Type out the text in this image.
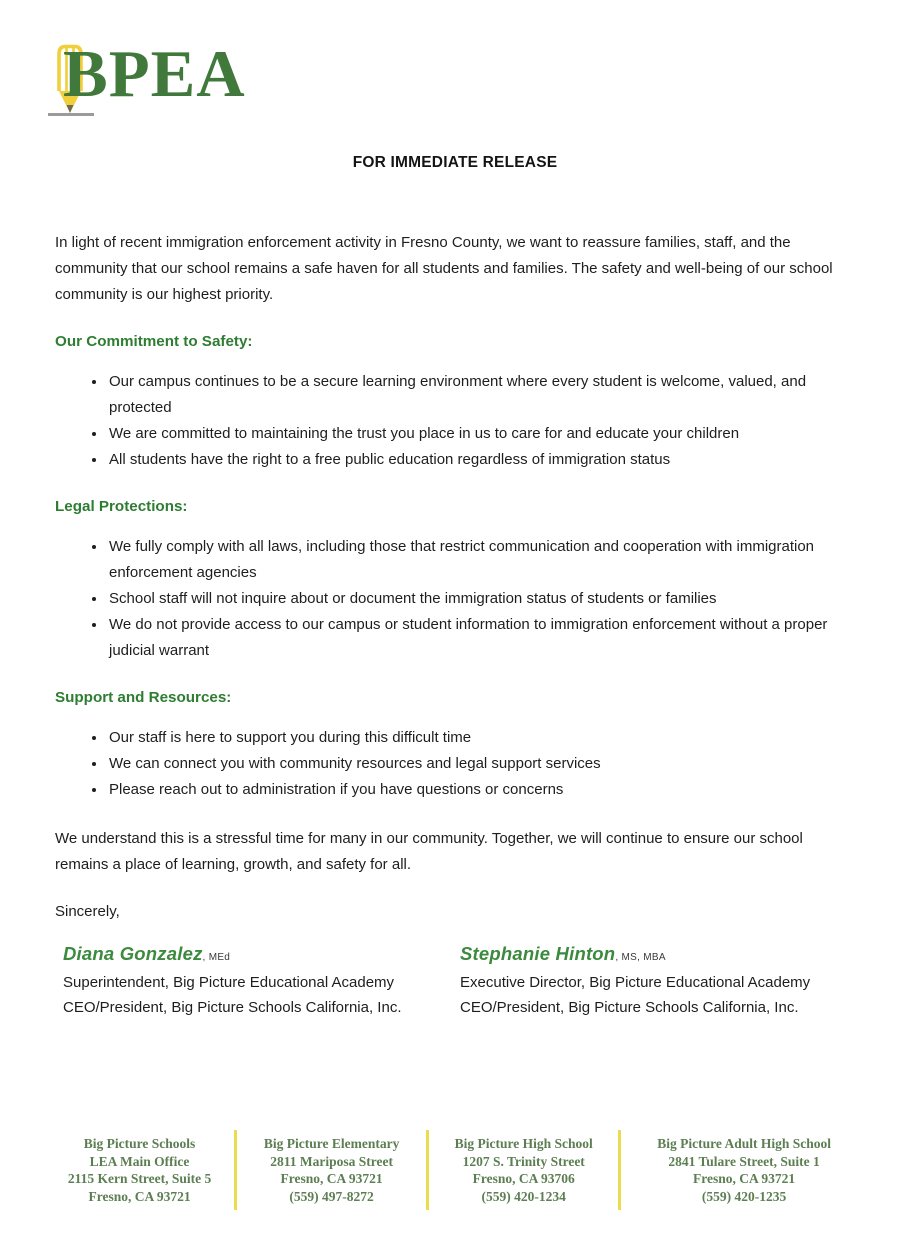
BPEA
FOR IMMEDIATE RELEASE

In light of recent immigration enforcement activity in Fresno County, we want to reassure families, staff, and the community that our school remains a safe haven for all students and families. The safety and well-being of our school community is our highest priority.

Our Commitment to Safety:
• Our campus continues to be a secure learning environment where every student is welcome, valued, and protected
• We are committed to maintaining the trust you place in us to care for and educate your children
• All students have the right to a free public education regardless of immigration status
Legal Protections:
• We fully comply with all laws, including those that restrict communication and cooperation with immigration enforcement agencies
• School staff will not inquire about or document the immigration status of students or families
• We do not provide access to our campus or student information to immigration enforcement without a proper judicial warrant
Support and Resources:
• Our staff is here to support you during this difficult time
• We can connect you with community resources and legal support services
• Please reach out to administration if you have questions or concerns

We understand this is a stressful time for many in our community. Together, we will continue to ensure our school remains a place of learning, growth, and safety for all.

Sincerely,

Diana Gonzalez, MEd
Superintendent, Big Picture Educational Academy
CEO/President, Big Picture Schools California, Inc.
Stephanie Hinton, MS, MBA
Executive Director, Big Picture Educational Academy
CEO/President, Big Picture Schools California, Inc.
Big Picture Schools
LEA Main Office
2115 Kern Street, Suite 5
Fresno, CA 93721
Big Picture Elementary
2811 Mariposa Street
Fresno, CA 93721
(559) 497-8272
Big Picture High School
1207 S. Trinity Street
Fresno, CA 93706
(559) 420-1234
Big Picture Adult High School
2841 Tulare Street, Suite 1
Fresno, CA 93721
(559) 420-1235
